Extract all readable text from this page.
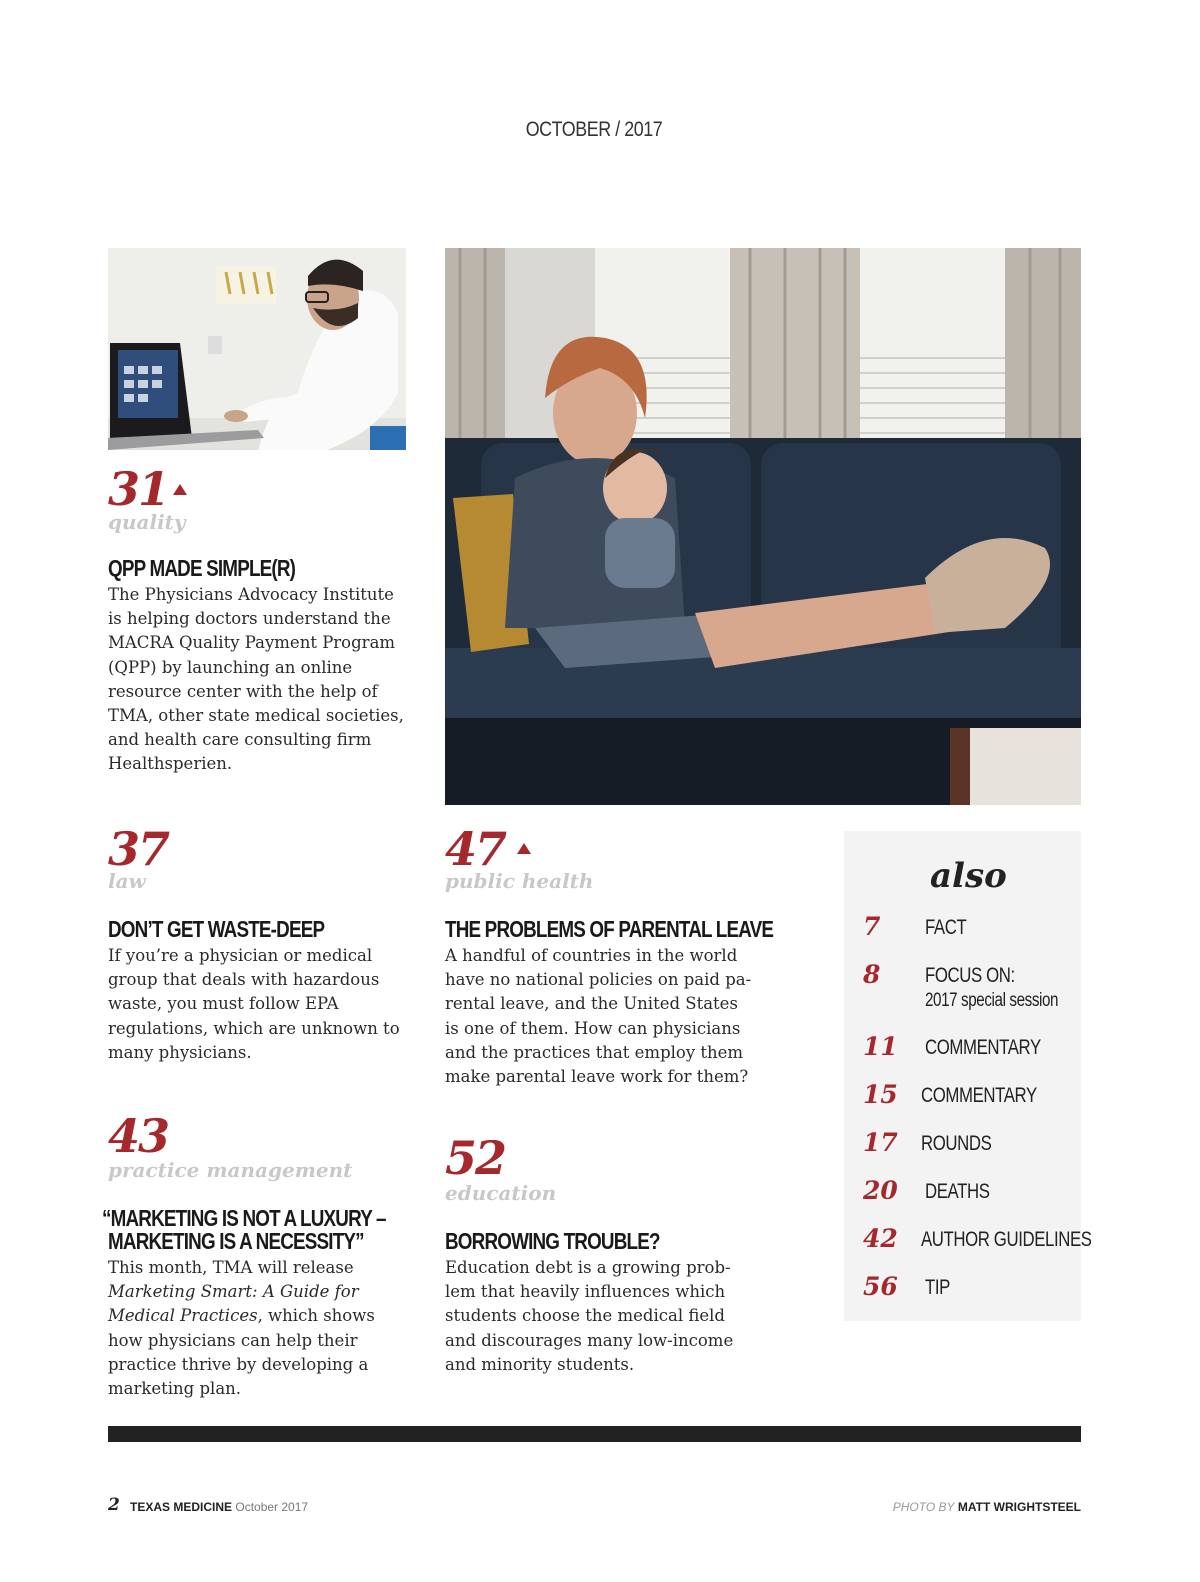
OCTOBER / 2017
31
quality
QPP MADE SIMPLE(R)
The Physicians Advocacy Institute is helping doctors understand the MACRA Quality Payment Program (QPP) by launching an online resource center with the help of TMA, other state medical societies, and health care consulting firm Healthsperien.
37
law
DON’T GET WASTE-DEEP
If you’re a physician or medical group that deals with hazardous waste, you must follow EPA regulations, which are unknown to many physicians.
43
practice management
“MARKETING IS NOT A LUXURY –
MARKETING IS A NECESSITY”
This month, TMA will release Marketing Smart: A Guide for Medical Practices, which shows how physicians can help their practice thrive by developing a marketing plan.
47
public health
THE PROBLEMS OF PARENTAL LEAVE
A handful of countries in the world
have no national policies on paid pa-
rental leave, and the United States
is one of them. How can physicians
and the practices that employ them
make parental leave work for them?
52
education
BORROWING TROUBLE?
Education debt is a growing prob-
lem that heavily influences which
students choose the medical field
and discourages many low-income
and minority students.
also
7 FACT
8 FOCUS ON:
2017 special session
11 COMMENTARY
15 COMMENTARY
17 ROUNDS
20 DEATHS
42 AUTHOR GUIDELINES
56 TIP
2 TEXAS MEDICINE October 2017	PHOTO BY MATT WRIGHTSTEEL
